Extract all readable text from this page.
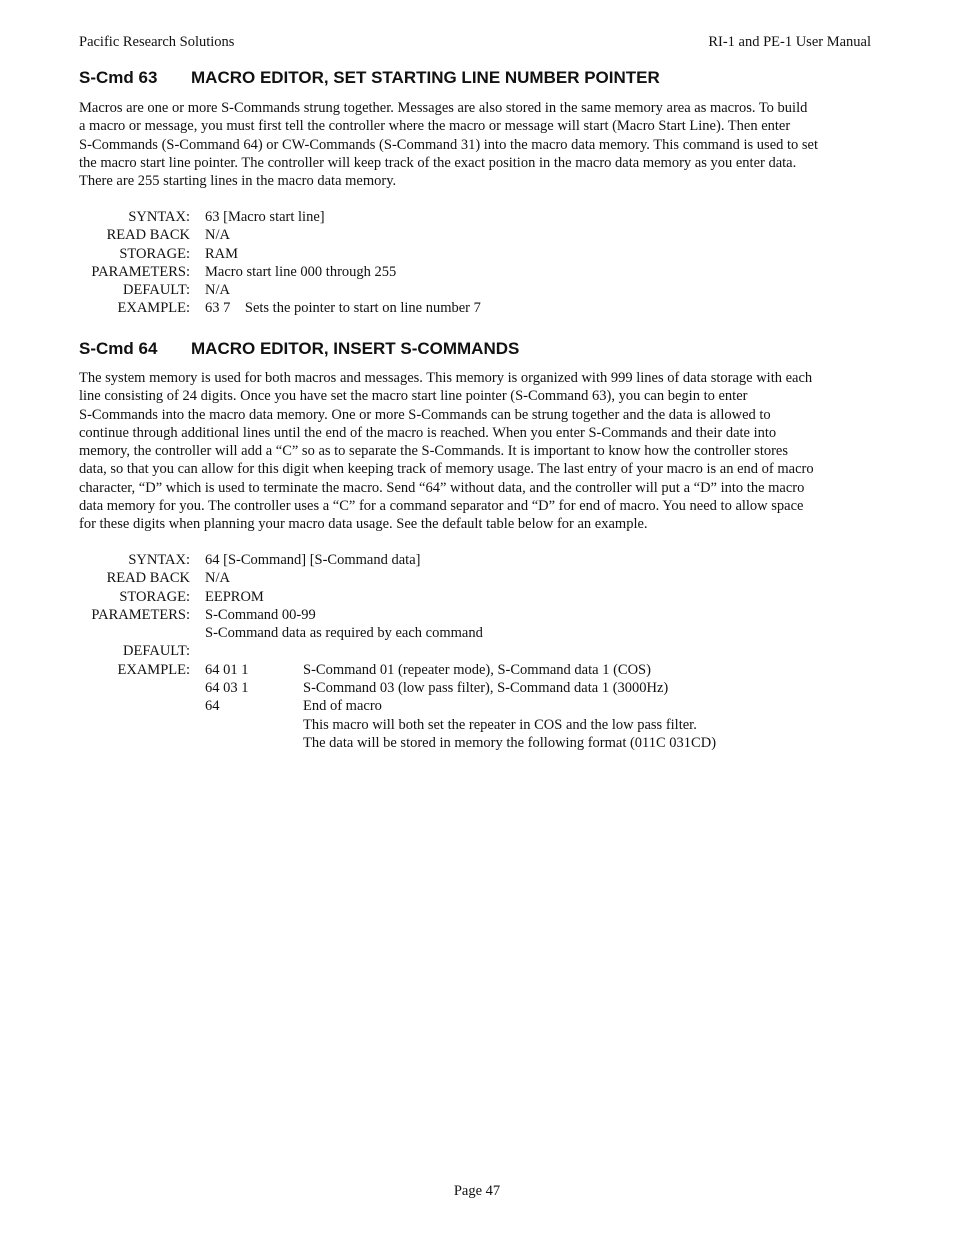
Pacific Research Solutions	RI-1 and PE-1 User Manual
S-Cmd 63 MACRO EDITOR, SET STARTING LINE NUMBER POINTER
Macros are one or more S-Commands strung together. Messages are also stored in the same memory area as macros. To build
a macro or message, you must first tell the controller where the macro or message will start (Macro Start Line). Then enter
S-Commands (S-Command 64) or CW-Commands (S-Command 31) into the macro data memory. This command is used to set
the macro start line pointer. The controller will keep track of the exact position in the macro data memory as you enter data.
There are 255 starting lines in the macro data memory.
SYNTAX: 63 [Macro start line]
READ BACK N/A
STORAGE: RAM
PARAMETERS: Macro start line 000 through 255
DEFAULT: N/A
EXAMPLE: 63 7    Sets the pointer to start on line number 7
S-Cmd 64 MACRO EDITOR, INSERT S-COMMANDS
The system memory is used for both macros and messages. This memory is organized with 999 lines of data storage with each
line consisting of 24 digits. Once you have set the macro start line pointer (S-Command 63), you can begin to enter
S-Commands into the macro data memory. One or more S-Commands can be strung together and the data is allowed to
continue through additional lines until the end of the macro is reached. When you enter S-Commands and their date into
memory, the controller will add a “C” so as to separate the S-Commands. It is important to know how the controller stores
data, so that you can allow for this digit when keeping track of memory usage. The last entry of your macro is an end of macro
character, “D” which is used to terminate the macro. Send “64” without data, and the controller will put a “D” into the macro
data memory for you. The controller uses a “C” for a command separator and “D” for end of macro. You need to allow space
for these digits when planning your macro data usage. See the default table below for an example.
SYNTAX: 64 [S-Command] [S-Command data]
READ BACK N/A
STORAGE: EEPROM
PARAMETERS: S-Command 00-99
S-Command data as required by each command
DEFAULT:
EXAMPLE: 64 01 1	S-Command 01 (repeater mode), S-Command data 1 (COS)
64 03 1	S-Command 03 (low pass filter), S-Command data 1 (3000Hz)
64	End of macro
This macro will both set the repeater in COS and the low pass filter.
The data will be stored in memory the following format (011C 031CD)
Page 47
